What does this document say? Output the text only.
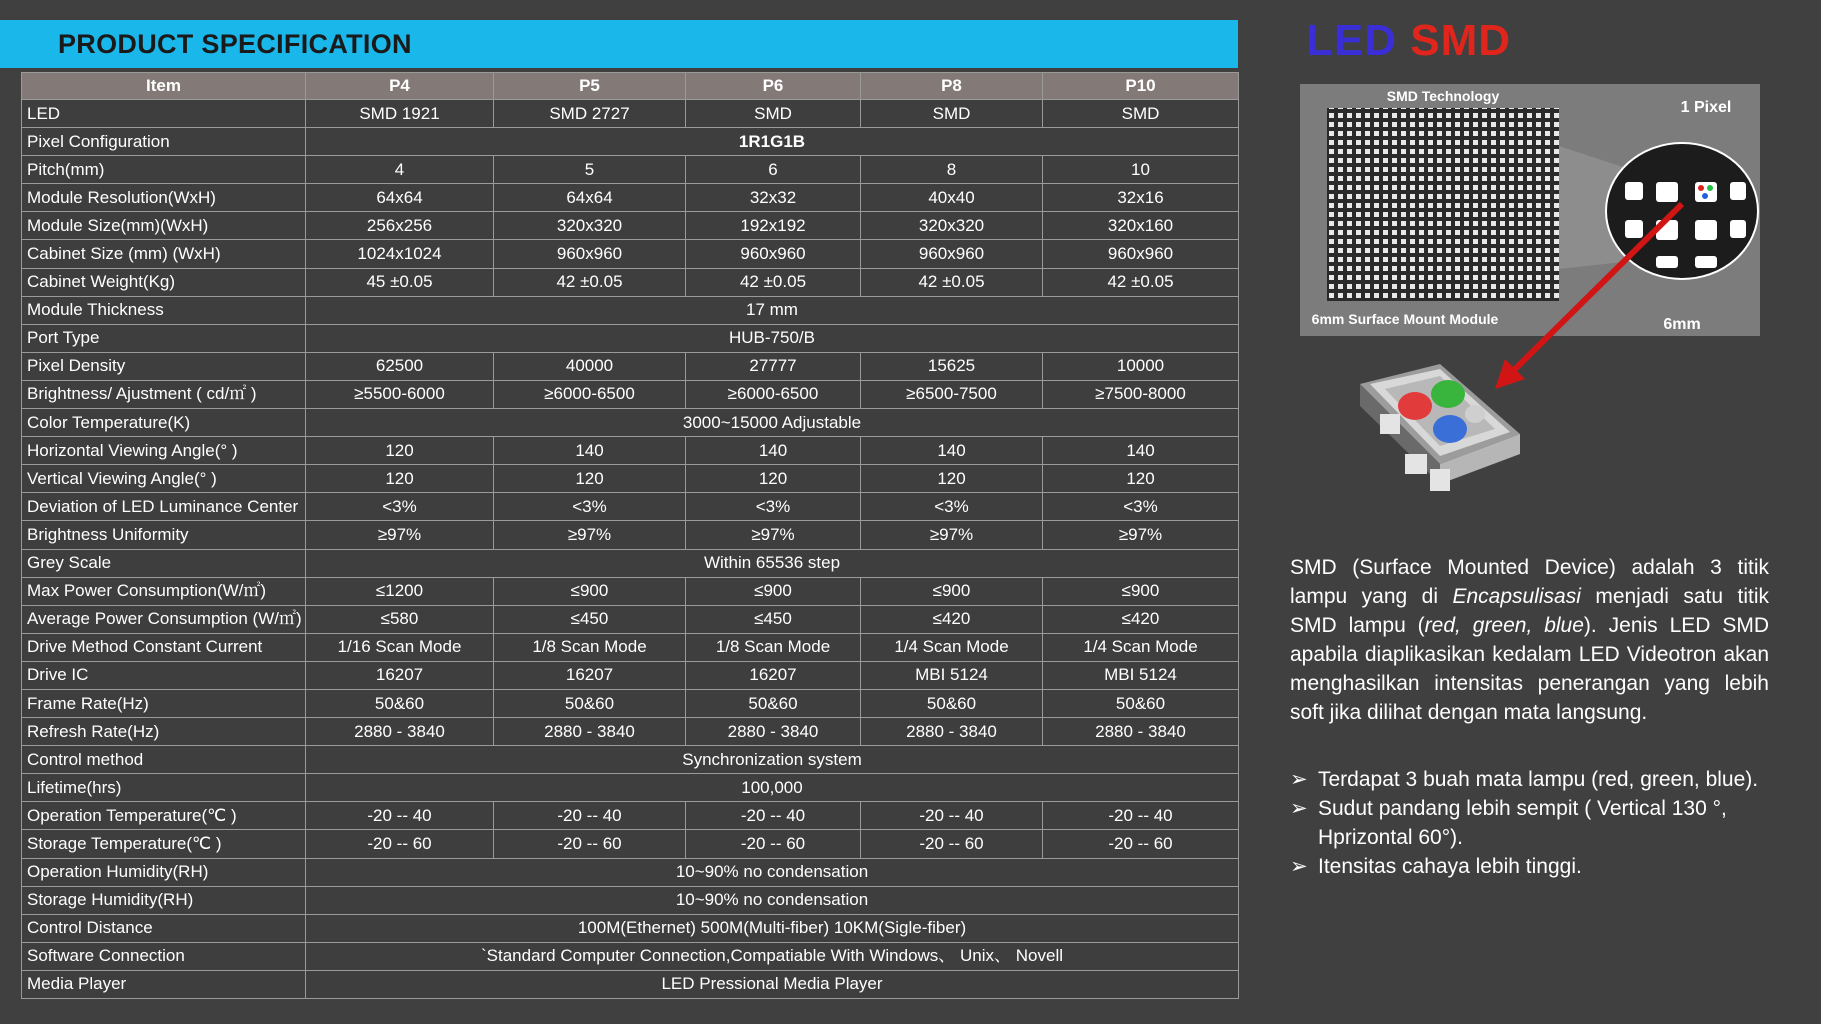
PRODUCT SPECIFICATION
Item	P4	P5	P6	P8	P10
LED	SMD 1921	SMD 2727	SMD	SMD	SMD
Pixel Configuration	1R1G1B				
Pitch(mm)	4	5	6	8	10
Module Resolution(WxH)	64x64	64x64	32x32	40x40	32x16
Module Size(mm)(WxH)	256x256	320x320	192x192	320x320	320x160
Cabinet Size (mm) (WxH)	1024x1024	960x960	960x960	960x960	960x960
Cabinet Weight(Kg)	45 ±0.05	42 ±0.05	42 ±0.05	42 ±0.05	42 ±0.05
Module Thickness	17 mm				
Port Type	HUB-750/B				
Pixel Density	62500	40000	27777	15625	10000
Brightness/ Ajustment ( cd/㎡ )	≥5500-6000	≥6000-6500	≥6000-6500	≥6500-7500	≥7500-8000
Color Temperature(K)	3000~15000 Adjustable				
Horizontal Viewing Angle(° )	120	140	140	140	140
Vertical Viewing Angle(° )	120	120	120	120	120
Deviation of LED Luminance Center	<3%	<3%	<3%	<3%	<3%
Brightness Uniformity	≥97%	≥97%	≥97%	≥97%	≥97%
Grey Scale	Within 65536 step				
Max Power Consumption(W/㎡)	≤1200	≤900	≤900	≤900	≤900
Average Power Consumption (W/㎡)	≤580	≤450	≤450	≤420	≤420
Drive Method Constant Current	1/16 Scan Mode	1/8 Scan Mode	1/8 Scan Mode	1/4 Scan Mode	1/4 Scan Mode
Drive IC	16207	16207	16207	MBI 5124	MBI 5124
Frame Rate(Hz)	50&60	50&60	50&60	50&60	50&60
Refresh Rate(Hz)	2880 - 3840	2880 - 3840	2880 - 3840	2880 - 3840	2880 - 3840
Control method	Synchronization system				
Lifetime(hrs)	100,000				
Operation Temperature(℃ )	-20 -- 40	-20 -- 40	-20 -- 40	-20 -- 40	-20 -- 40
Storage Temperature(℃ )	-20 -- 60	-20 -- 60	-20 -- 60	-20 -- 60	-20 -- 60
Operation Humidity(RH)	10~90% no condensation				
Storage Humidity(RH)	10~90% no condensation				
Control Distance	100M(Ethernet) 500M(Multi-fiber) 10KM(Sigle-fiber)				
Software Connection	`Standard Computer Connection,Compatiable With Windows、 Unix、 Novell				
Media Player	LED Pressional Media Player				
LED SMD
SMD Technology
6mm Surface Mount Module
1 Pixel
6mm

SMD (Surface Mounted Device) adalah 3 titik lampu yang di Encapsulisasi menjadi satu titik SMD lampu (red, green, blue). Jenis LED SMD apabila diaplikasikan kedalam LED Videotron akan menghasilkan intensitas penerangan yang lebih soft jika dilihat dengan mata langsung.

➢ Terdapat 3 buah mata lampu (red, green, blue).
➢ Sudut pandang lebih sempit ( Vertical 130 °, Hprizontal 60°).
➢ Itensitas cahaya lebih tinggi.
